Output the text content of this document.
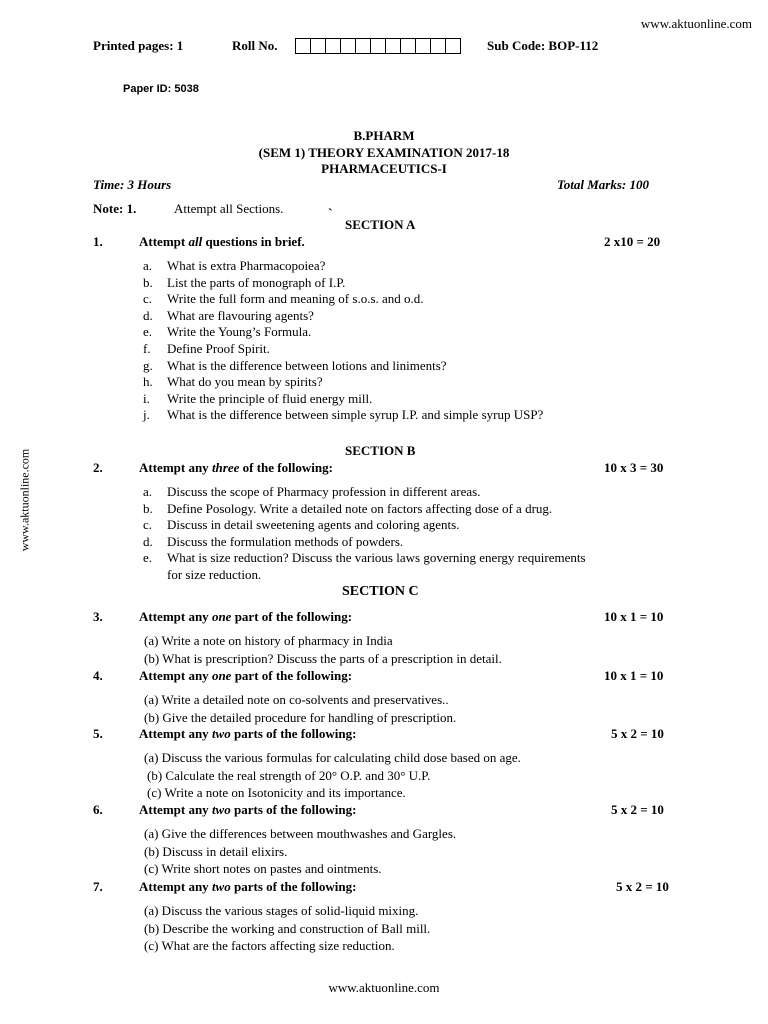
www.aktuonline.com
Printed pages: 1	Roll No.	Sub Code: BOP-112
Paper ID: 5038
B.PHARM
(SEM 1) THEORY EXAMINATION 2017-18
PHARMACEUTICS-I
Time: 3 Hours	Total Marks: 100
Note: 1.	Attempt all Sections.	`
SECTION A
1.	Attempt all questions in brief.	2 x10 = 20
a. What is extra Pharmacopoiea?
b. List the parts of monograph of I.P.
c. Write the full form and meaning of s.o.s. and o.d.
d. What are flavouring agents?
e. Write the Young’s Formula.
f. Define Proof Spirit.
g. What is the difference between lotions and liniments?
h. What do you mean by spirits?
i. Write the principle of fluid energy mill.
j. What is the difference between simple syrup I.P. and simple syrup USP?
SECTION B
2.	Attempt any three of the following:	10 x 3 = 30
a. Discuss the scope of Pharmacy profession in different areas.
b. Define Posology. Write a detailed note on factors affecting dose of a drug.
c. Discuss in detail sweetening agents and coloring agents.
d. Discuss the formulation methods of powders.
e. What is size reduction? Discuss the various laws governing energy requirements
for size reduction.
SECTION C
3.	Attempt any one part of the following:	10 x 1 = 10
(a) Write a note on history of pharmacy in India
(b) What is prescription? Discuss the parts of a prescription in detail.
4.	Attempt any one part of the following:	10 x 1 = 10
(a) Write a detailed note on co-solvents and preservatives..
(b) Give the detailed procedure for handling of prescription.
5.	Attempt any two parts of the following:	5 x 2 = 10
(a) Discuss the various formulas for calculating child dose based on age.
(b) Calculate the real strength of 20° O.P. and 30° U.P.
(c) Write a note on Isotonicity and its importance.
6.	Attempt any two parts of the following:	5 x 2 = 10
(a) Give the differences between mouthwashes and Gargles.
(b) Discuss in detail elixirs.
(c) Write short notes on pastes and ointments.
7.	Attempt any two parts of the following:	5 x 2 = 10
(a) Discuss the various stages of solid-liquid mixing.
(b) Describe the working and construction of Ball mill.
(c) What are the factors affecting size reduction.
www.aktuonline.com
www.aktuonline.com
